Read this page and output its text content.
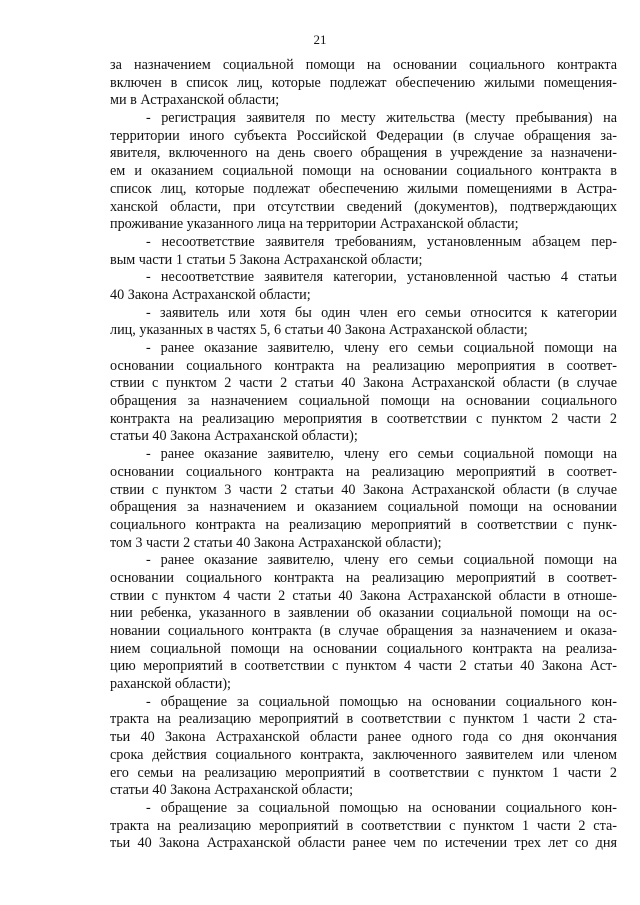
21
за назначением социальной помощи на основании социального контракта
включен в список лиц, которые подлежат обеспечению жилыми помещения-
ми в Астраханской области;
- регистрация заявителя по месту жительства (месту пребывания) на
территории иного субъекта Российской Федерации (в случае обращения за-
явителя, включенного на день своего обращения в учреждение за назначени-
ем и оказанием социальной помощи на основании социального контракта в
список лиц, которые подлежат обеспечению жилыми помещениями в Астра-
ханской области, при отсутствии сведений (документов), подтверждающих
проживание указанного лица на территории Астраханской области;
- несоответствие заявителя требованиям, установленным абзацем пер-
вым части 1 статьи 5 Закона Астраханской области;
- несоответствие заявителя категории, установленной частью 4 статьи
40 Закона Астраханской области;
- заявитель или хотя бы один член его семьи относится к категории
лиц, указанных в частях 5, 6 статьи 40 Закона Астраханской области;
- ранее оказание заявителю, члену его семьи социальной помощи на
основании социального контракта на реализацию мероприятия в соответ-
ствии с пунктом 2 части 2 статьи 40 Закона Астраханской области (в случае
обращения за назначением социальной помощи на основании социального
контракта на реализацию мероприятия в соответствии с пунктом 2 части 2
статьи 40 Закона Астраханской области);
- ранее оказание заявителю, члену его семьи социальной помощи на
основании социального контракта на реализацию мероприятий в соответ-
ствии с пунктом 3 части 2 статьи 40 Закона Астраханской области (в случае
обращения за назначением и оказанием социальной помощи на основании
социального контракта на реализацию мероприятий в соответствии с пунк-
том 3 части 2 статьи 40 Закона Астраханской области);
- ранее оказание заявителю, члену его семьи социальной помощи на
основании социального контракта на реализацию мероприятий в соответ-
ствии с пунктом 4 части 2 статьи 40 Закона Астраханской области в отноше-
нии ребенка, указанного в заявлении об оказании социальной помощи на ос-
новании социального контракта (в случае обращения за назначением и оказа-
нием социальной помощи на основании социального контракта на реализа-
цию мероприятий в соответствии с пунктом 4 части 2 статьи 40 Закона Аст-
раханской области);
- обращение за социальной помощью на основании социального кон-
тракта на реализацию мероприятий в соответствии с пунктом 1 части 2 ста-
тьи 40 Закона Астраханской области ранее одного года со дня окончания
срока действия социального контракта, заключенного заявителем или членом
его семьи на реализацию мероприятий в соответствии с пунктом 1 части 2
статьи 40 Закона Астраханской области;
- обращение за социальной помощью на основании социального кон-
тракта на реализацию мероприятий в соответствии с пунктом 1 части 2 ста-
тьи 40 Закона Астраханской области ранее чем по истечении трех лет со дня
